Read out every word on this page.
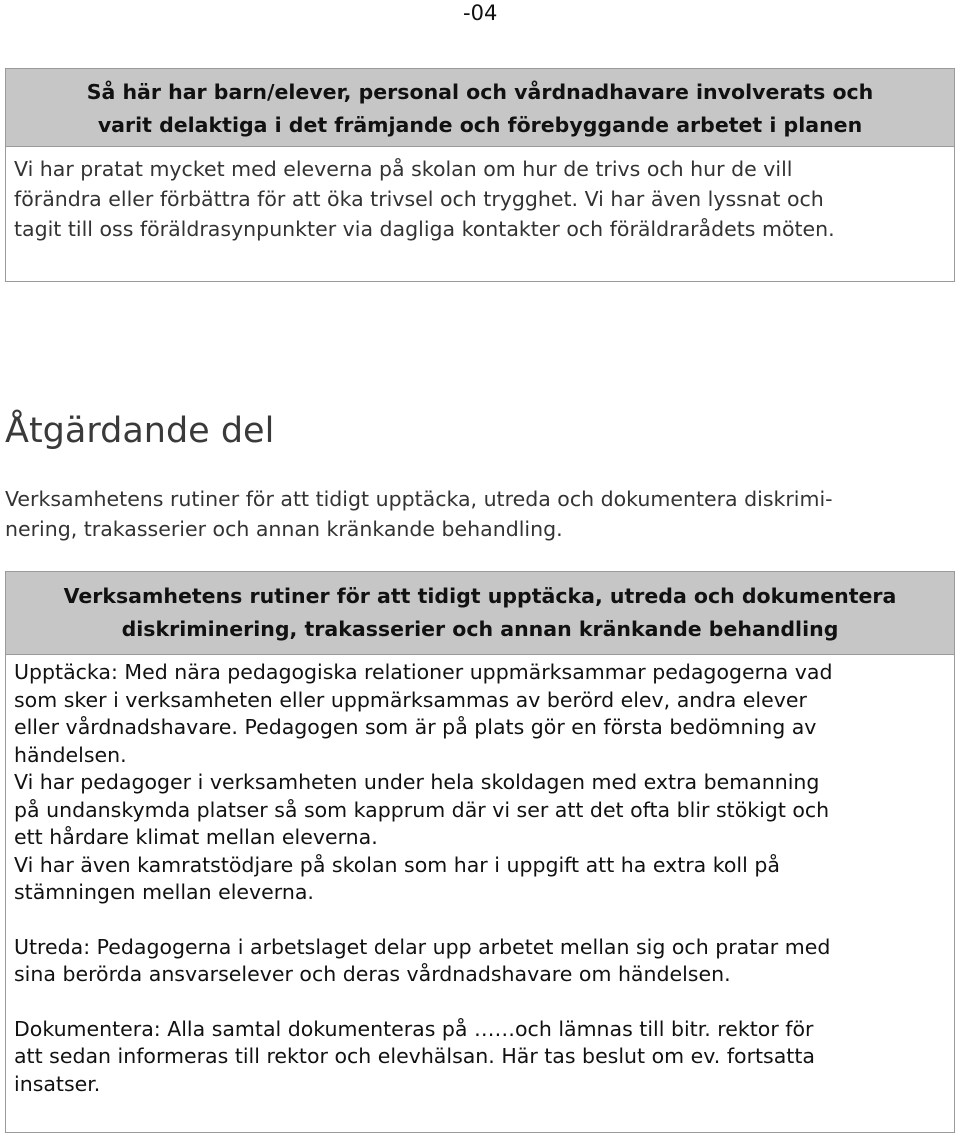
-04
Så här har barn/elever, personal och vårdnadhavare involverats och
varit delaktiga i det främjande och förebyggande arbetet i planen
Vi har pratat mycket med eleverna på skolan om hur de trivs och hur de vill
förändra eller förbättra för att öka trivsel och trygghet. Vi har även lyssnat och
tagit till oss föräldrasynpunkter via dagliga kontakter och föräldrarådets möten.
Åtgärdande del
Verksamhetens rutiner för att tidigt upptäcka, utreda och dokumentera diskrimi-
nering, trakasserier och annan kränkande behandling.
Verksamhetens rutiner för att tidigt upptäcka, utreda och dokumentera
diskriminering, trakasserier och annan kränkande behandling

Upptäcka: Med nära pedagogiska relationer uppmärksammar pedagogerna vad

som sker i verksamheten eller uppmärksammas av berörd elev, andra elever

eller vårdnadshavare. Pedagogen som är på plats gör en första bedömning av

händelsen.

Vi har pedagoger i verksamheten under hela skoldagen med extra bemanning

på undanskymda platser så som kapprum där vi ser att det ofta blir stökigt och

ett hårdare klimat mellan eleverna.

Vi har även kamratstödjare på skolan som har i uppgift att ha extra koll på

stämningen mellan eleverna.

Utreda: Pedagogerna i arbetslaget delar upp arbetet mellan sig och pratar med

sina berörda ansvarselever och deras vårdnadshavare om händelsen.

Dokumentera: Alla samtal dokumenteras på ……och lämnas till bitr. rektor för

att sedan informeras till rektor och elevhälsan. Här tas beslut om ev. fortsatta

insatser.
